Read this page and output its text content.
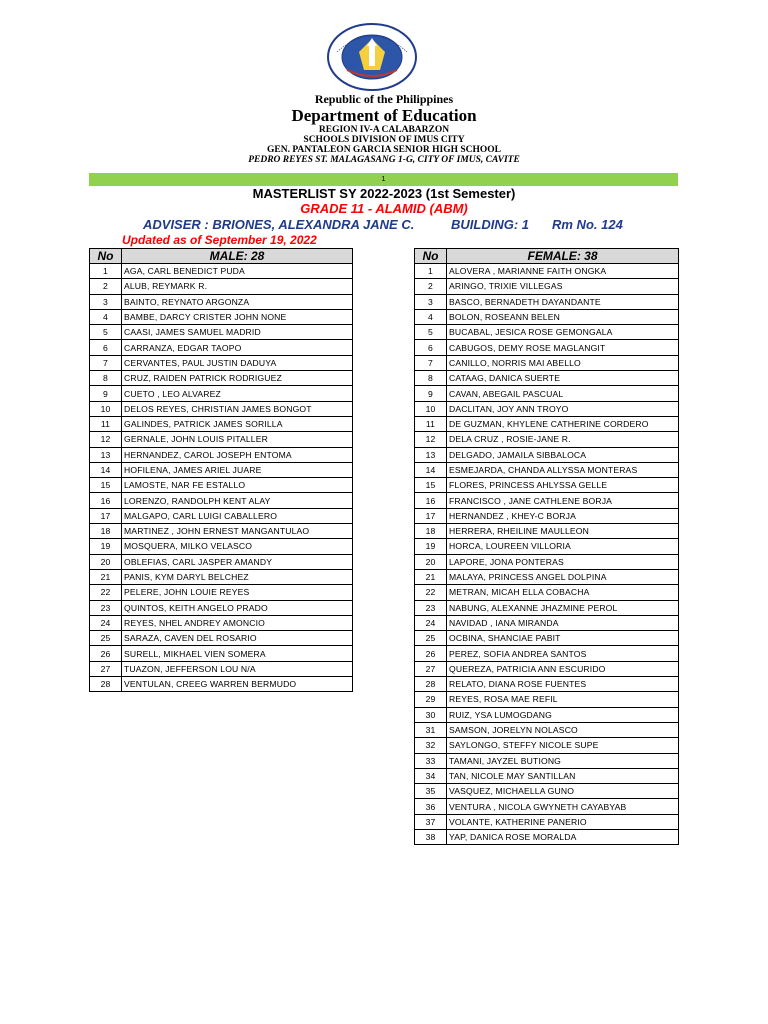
Republic of the Philippines
Department of Education
REGION IV-A CALABARZON
SCHOOLS DIVISION OF IMUS CITY
GEN. PANTALEON GARCIA SENIOR HIGH SCHOOL
PEDRO REYES ST. MALAGASANG 1-G, CITY OF IMUS, CAVITE
1
MASTERLIST SY 2022-2023 (1st Semester)
GRADE 11 - ALAMID (ABM)
ADVISER : BRIONES, ALEXANDRA JANE C.	BUILDING: 1 Rm No. 124
Updated as of September 19, 2022
No	MALE: 28
1	AGA, CARL BENEDICT PUDA
2	ALUB, REYMARK R.
3	BAINTO, REYNATO ARGONZA
4	BAMBE, DARCY CRISTER JOHN NONE
5	CAASI, JAMES SAMUEL MADRID
6	CARRANZA, EDGAR TAOPO
7	CERVANTES, PAUL JUSTIN DADUYA
8	CRUZ, RAIDEN PATRICK RODRIGUEZ
9	CUETO , LEO ALVAREZ
10	DELOS REYES, CHRISTIAN JAMES BONGOT
11	GALINDES, PATRICK JAMES SORILLA
12	GERNALE, JOHN LOUIS PITALLER
13	HERNANDEZ, CAROL JOSEPH ENTOMA
14	HOFILENA, JAMES ARIEL JUARE
15	LAMOSTE, NAR FE ESTALLO
16	LORENZO, RANDOLPH KENT ALAY
17	MALGAPO, CARL LUIGI CABALLERO
18	MARTINEZ , JOHN ERNEST MANGANTULAO
19	MOSQUERA, MILKO VELASCO
20	OBLEFIAS, CARL JASPER AMANDY
21	PANIS, KYM DARYL BELCHEZ
22	PELERE, JOHN LOUIE REYES
23	QUINTOS, KEITH ANGELO PRADO
24	REYES, NHEL ANDREY AMONCIO
25	SARAZA, CAVEN DEL ROSARIO
26	SURELL, MIKHAEL VIEN SOMERA
27	TUAZON, JEFFERSON LOU N/A
28	VENTULAN, CREEG WARREN BERMUDO
No	FEMALE: 38
1	ALOVERA , MARIANNE FAITH ONGKA
2	ARINGO, TRIXIE VILLEGAS
3	BASCO, BERNADETH DAYANDANTE
4	BOLON, ROSEANN BELEN
5	BUCABAL, JESICA ROSE GEMONGALA
6	CABUGOS, DEMY ROSE MAGLANGIT
7	CANILLO, NORRIS MAI ABELLO
8	CATAAG, DANICA SUERTE
9	CAVAN, ABEGAIL PASCUAL
10	DACLITAN, JOY ANN TROYO
11	DE GUZMAN, KHYLENE CATHERINE CORDERO
12	DELA CRUZ , ROSIE-JANE R.
13	DELGADO, JAMAILA SIBBALOCA
14	ESMEJARDA, CHANDA ALLYSSA MONTERAS
15	FLORES, PRINCESS AHLYSSA GELLE
16	FRANCISCO , JANE CATHLENE BORJA
17	HERNANDEZ , KHEY-C BORJA
18	HERRERA, RHEILINE MAULLEON
19	HORCA, LOUREEN VILLORIA
20	LAPORE, JONA PONTERAS
21	MALAYA, PRINCESS ANGEL DOLPINA
22	METRAN, MICAH ELLA COBACHA
23	NABUNG, ALEXANNE JHAZMINE PEROL
24	NAVIDAD , IANA MIRANDA
25	OCBINA, SHANCIAE PABIT
26	PEREZ, SOFIA ANDREA SANTOS
27	QUEREZA, PATRICIA ANN ESCURIDO
28	RELATO, DIANA ROSE FUENTES
29	REYES, ROSA MAE REFIL
30	RUIZ, YSA LUMOGDANG
31	SAMSON, JORELYN NOLASCO
32	SAYLONGO, STEFFY NICOLE SUPE
33	TAMANI, JAYZEL BUTIONG
34	TAN, NICOLE MAY SANTILLAN
35	VASQUEZ, MICHAELLA GUNO
36	VENTURA , NICOLA GWYNETH CAYABYAB
37	VOLANTE, KATHERINE PANERIO
38	YAP, DANICA ROSE MORALDA
